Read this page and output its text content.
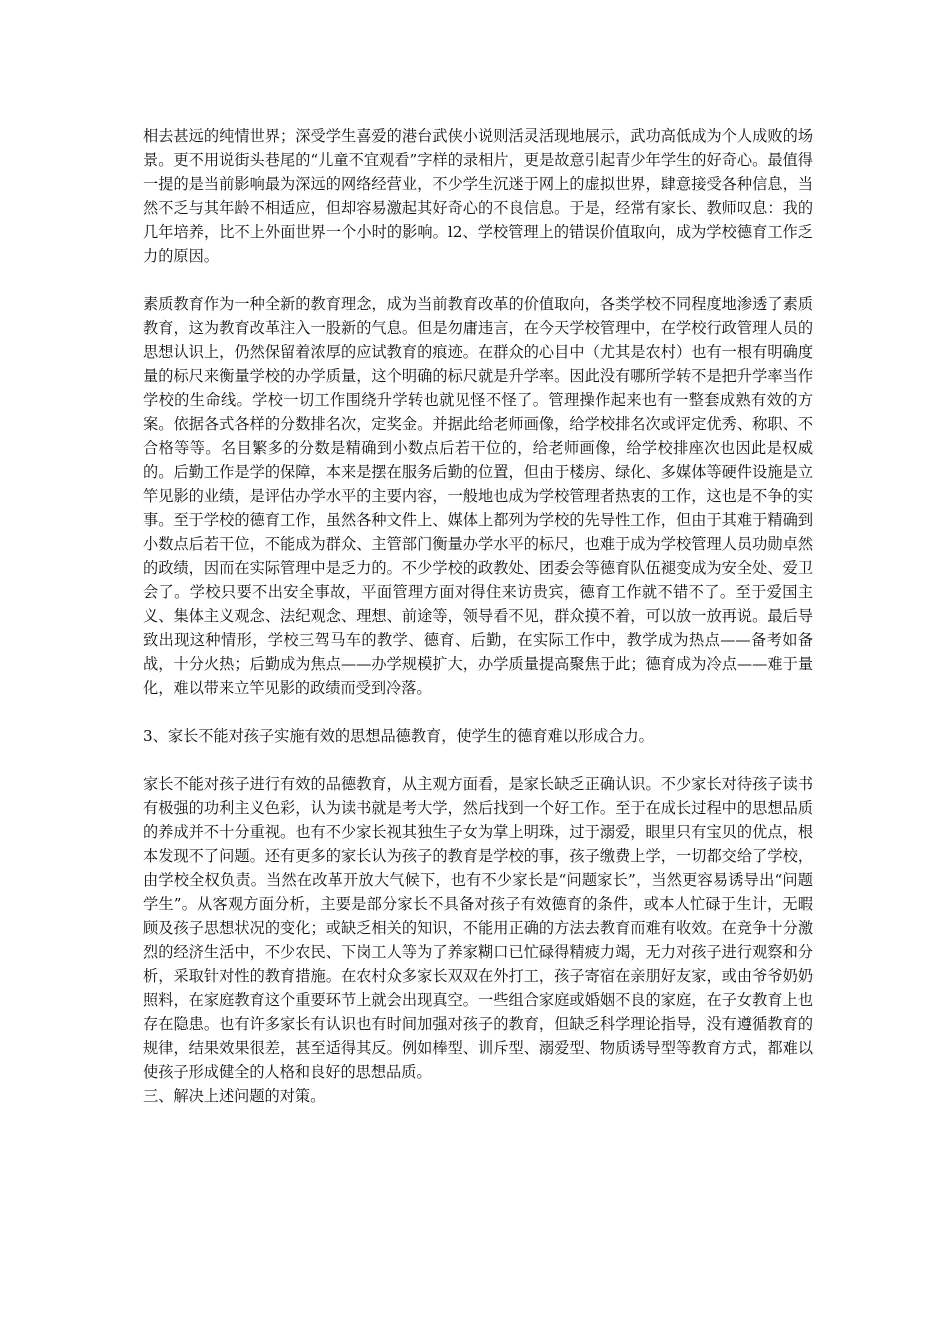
相去甚远的纯情世界；深受学生喜爱的港台武侠小说则活灵活现地展示，武功高低成为个人成败的场景。更不用说街头巷尾的“儿童不宜观看”字样的录相片，更是故意引起青少年学生的好奇心。最值得一提的是当前影响最为深远的网络经营业，不少学生沉迷于网上的虚拟世界，肆意接受各种信息，当然不乏与其年龄不相适应，但却容易激起其好奇心的不良信息。于是，经常有家长、教师叹息：我的几年培养，比不上外面世界一个小时的影响。l2、学校管理上的错误价值取向，成为学校德育工作乏力的原因。

素质教育作为一种全新的教育理念，成为当前教育改革的价值取向，各类学校不同程度地渗透了素质教育，这为教育改革注入一股新的气息。但是勿庸违言，在今天学校管理中，在学校行政管理人员的思想认识上，仍然保留着浓厚的应试教育的痕迹。在群众的心目中（尤其是农村）也有一根有明确度量的标尺来衡量学校的办学质量，这个明确的标尺就是升学率。因此没有哪所学转不是把升学率当作学校的生命线。学校一切工作围绕升学转也就见怪不怪了。管理操作起来也有一整套成熟有效的方案。依据各式各样的分数排名次，定奖金。并据此给老师画像，给学校排名次或评定优秀、称职、不合格等等。名目繁多的分数是精确到小数点后若干位的，给老师画像，给学校排座次也因此是权威的。后勤工作是学的保障，本来是摆在服务后勤的位置，但由于楼房、绿化、多媒体等硬件设施是立竿见影的业绩，是评估办学水平的主要内容，一般地也成为学校管理者热衷的工作，这也是不争的实事。至于学校的德育工作，虽然各种文件上、媒体上都列为学校的先导性工作，但由于其难于精确到小数点后若干位，不能成为群众、主管部门衡量办学水平的标尺，也难于成为学校管理人员功勋卓然的政绩，因而在实际管理中是乏力的。不少学校的政教处、团委会等德育队伍褪变成为安全处、爱卫会了。学校只要不出安全事故，平面管理方面对得住来访贵宾，德育工作就不错不了。至于爱国主义、集体主义观念、法纪观念、理想、前途等，领导看不见，群众摸不着，可以放一放再说。最后导致出现这种情形，学校三驾马车的教学、德育、后勤，在实际工作中，教学成为热点——备考如备战，十分火热；后勤成为焦点——办学规模扩大，办学质量提高聚焦于此；德育成为冷点——难于量化，难以带来立竿见影的政绩而受到冷落。

3、家长不能对孩子实施有效的思想品德教育，使学生的德育难以形成合力。

家长不能对孩子进行有效的品德教育，从主观方面看，是家长缺乏正确认识。不少家长对待孩子读书有极强的功利主义色彩，认为读书就是考大学，然后找到一个好工作。至于在成长过程中的思想品质的养成并不十分重视。也有不少家长视其独生子女为掌上明珠，过于溺爱，眼里只有宝贝的优点，根本发现不了问题。还有更多的家长认为孩子的教育是学校的事，孩子缴费上学，一切都交给了学校，由学校全权负责。当然在改革开放大气候下，也有不少家长是“问题家长”，当然更容易诱导出“问题学生”。从客观方面分析，主要是部分家长不具备对孩子有效德育的条件，或本人忙碌于生计，无暇顾及孩子思想状况的变化；或缺乏相关的知识，不能用正确的方法去教育而难有收效。在竞争十分激烈的经济生活中，不少农民、下岗工人等为了养家糊口已忙碌得精疲力竭，无力对孩子进行观察和分析，采取针对性的教育措施。在农村众多家长双双在外打工，孩子寄宿在亲朋好友家，或由爷爷奶奶照料，在家庭教育这个重要环节上就会出现真空。一些组合家庭或婚姻不良的家庭，在子女教育上也存在隐患。也有许多家长有认识也有时间加强对孩子的教育，但缺乏科学理论指导，没有遵循教育的规律，结果效果很差，甚至适得其反。例如棒型、训斥型、溺爱型、物质诱导型等教育方式，都难以使孩子形成健全的人格和良好的思想品质。

三、解决上述问题的对策。
